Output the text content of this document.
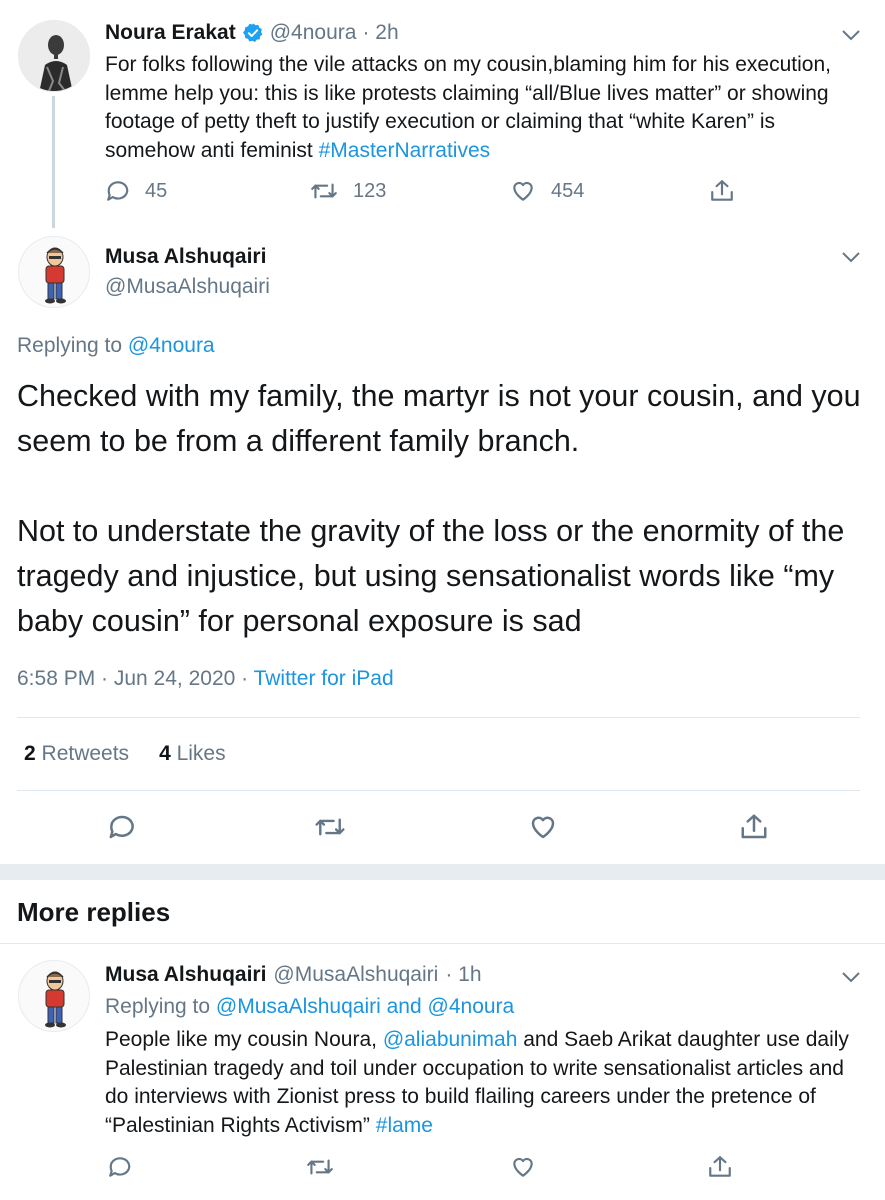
Noura Erakat @4noura · 2h
For folks following the vile attacks on my cousin,blaming him for his execution, lemme help you: this is like protests claiming “all/Blue lives matter” or showing footage of petty theft to justify execution or claiming that “white Karen” is somehow anti feminist #MasterNarratives
45	123	454
Musa Alshuqairi
@MusaAlshuqairi
Replying to @4noura
Checked with my family, the martyr is not your cousin, and you seem to be from a different family branch.
Not to understate the gravity of the loss or the enormity of the tragedy and injustice, but using sensationalist words like “my baby cousin” for personal exposure is sad
6:58 PM · Jun 24, 2020 · Twitter for iPad
2 Retweets 4 Likes
More replies
Musa Alshuqairi @MusaAlshuqairi · 1h
Replying to @MusaAlshuqairi and @4noura
People like my cousin Noura, @aliabunimah and Saeb Arikat daughter use daily Palestinian tragedy and toil under occupation to write sensationalist articles and do interviews with Zionist press to build flailing careers under the pretence of “Palestinian Rights Activism” #lame
